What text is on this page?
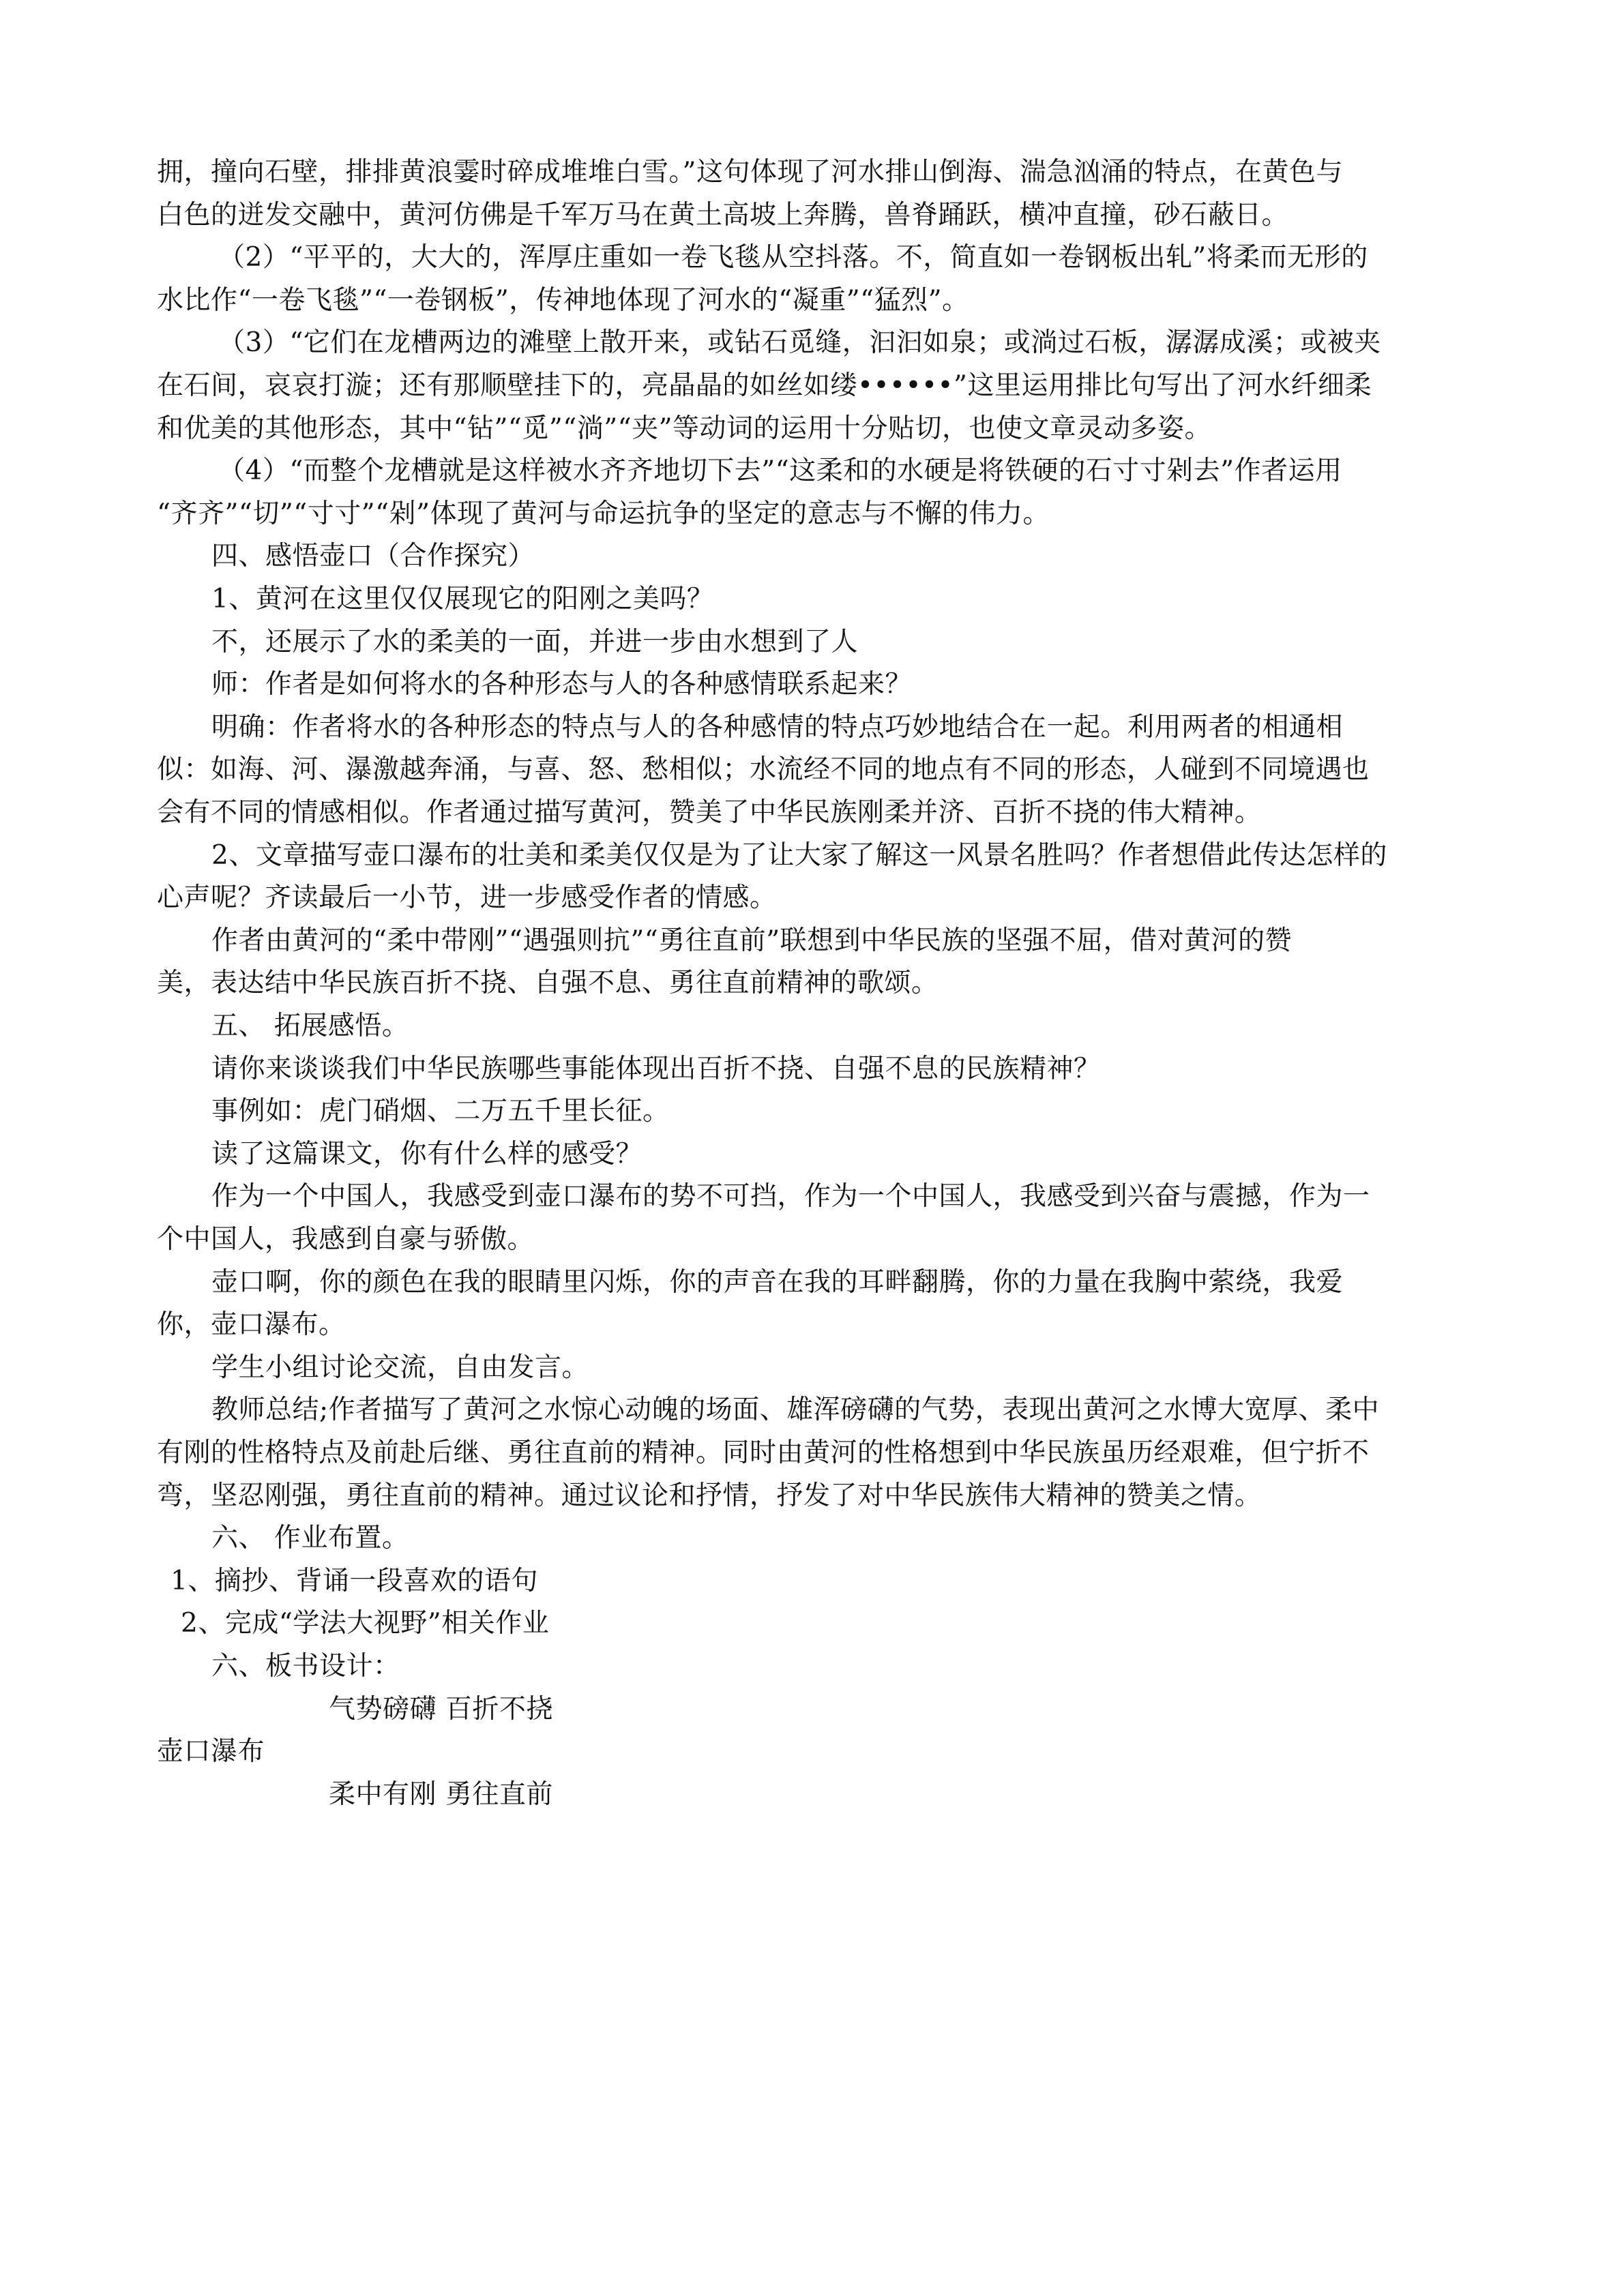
拥，撞向石壁，排排黄浪霎时碎成堆堆白雪。”这句体现了河水排山倒海、湍急汹涌的特点，在黄色与
白色的迸发交融中，黄河仿佛是千军万马在黄土高坡上奔腾，兽脊踊跃，横冲直撞，砂石蔽日。
（2）“平平的，大大的，浑厚庄重如一卷飞毯从空抖落。不，简直如一卷钢板出轧”将柔而无形的
水比作“一卷飞毯”“一卷钢板”，传神地体现了河水的“凝重”“猛烈”。
（3）“它们在龙槽两边的滩壁上散开来，或钻石觅缝，汩汩如泉；或淌过石板，潺潺成溪；或被夹
在石间，哀哀打漩；还有那顺壁挂下的，亮晶晶的如丝如缕••••••”这里运用排比句写出了河水纤细柔
和优美的其他形态，其中“钻”“觅”“淌”“夹”等动词的运用十分贴切，也使文章灵动多姿。
（4）“而整个龙槽就是这样被水齐齐地切下去”“这柔和的水硬是将铁硬的石寸寸剁去”作者运用
“齐齐”“切”“寸寸”“剁”体现了黄河与命运抗争的坚定的意志与不懈的伟力。
四、感悟壶口（合作探究）
1、黄河在这里仅仅展现它的阳刚之美吗？
不，还展示了水的柔美的一面，并进一步由水想到了人
师：作者是如何将水的各种形态与人的各种感情联系起来？
明确：作者将水的各种形态的特点与人的各种感情的特点巧妙地结合在一起。利用两者的相通相
似：如海、河、瀑激越奔涌，与喜、怒、愁相似；水流经不同的地点有不同的形态，人碰到不同境遇也
会有不同的情感相似。作者通过描写黄河，赞美了中华民族刚柔并济、百折不挠的伟大精神。
2、文章描写壶口瀑布的壮美和柔美仅仅是为了让大家了解这一风景名胜吗？作者想借此传达怎样的
心声呢？齐读最后一小节，进一步感受作者的情感。
作者由黄河的“柔中带刚”“遇强则抗”“勇往直前”联想到中华民族的坚强不屈，借对黄河的赞
美，表达结中华民族百折不挠、自强不息、勇往直前精神的歌颂。
五、 拓展感悟。
请你来谈谈我们中华民族哪些事能体现出百折不挠、自强不息的民族精神？
事例如：虎门硝烟、二万五千里长征。
读了这篇课文，你有什么样的感受？
作为一个中国人，我感受到壶口瀑布的势不可挡，作为一个中国人，我感受到兴奋与震撼，作为一
个中国人，我感到自豪与骄傲。
壶口啊，你的颜色在我的眼睛里闪烁，你的声音在我的耳畔翻腾，你的力量在我胸中萦绕，我爱
你，壶口瀑布。
学生小组讨论交流，自由发言。
教师总结;作者描写了黄河之水惊心动魄的场面、雄浑磅礴的气势，表现出黄河之水博大宽厚、柔中
有刚的性格特点及前赴后继、勇往直前的精神。同时由黄河的性格想到中华民族虽历经艰难，但宁折不
弯，坚忍刚强，勇往直前的精神。通过议论和抒情，抒发了对中华民族伟大精神的赞美之情。
六、 作业布置。
1、摘抄、背诵一段喜欢的语句
2、完成“学法大视野”相关作业
六、板书设计：
气势磅礴 百折不挠
壶口瀑布
柔中有刚 勇往直前
